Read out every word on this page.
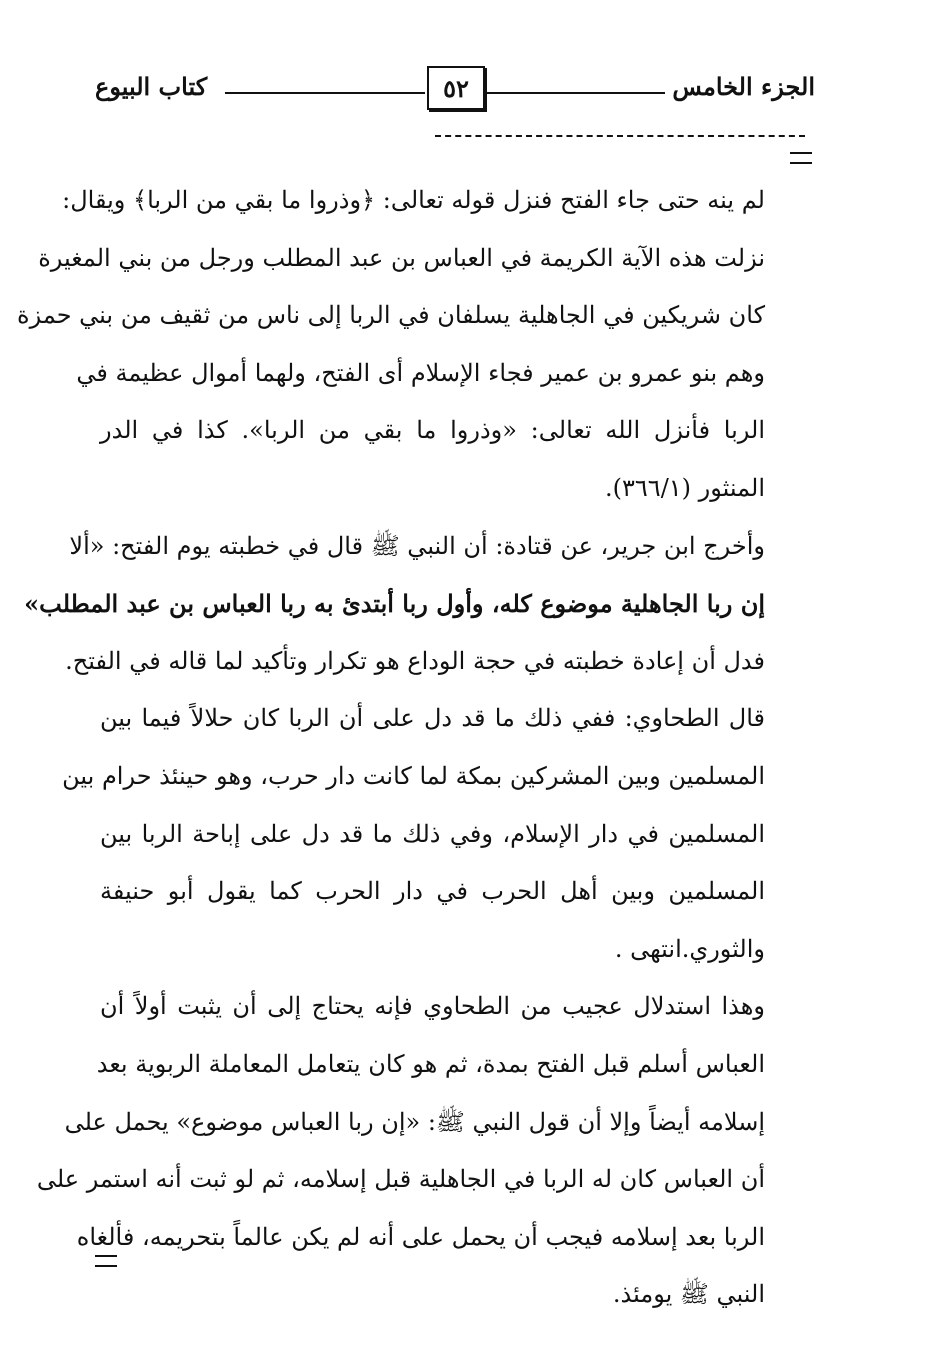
الجزء الخامس
٥٢
كتاب البيوع
لم ينه حتى جاء الفتح فنزل قوله تعالى: ﴿وذروا ما بقي من الربا﴾ ويقال:
نزلت هذه الآية الكريمة في العباس بن عبد المطلب ورجل من بني المغيرة
كان شريكين في الجاهلية يسلفان في الربا إلى ناس من ثقيف من بني حمزة
وهم بنو عمرو بن عمير فجاء الإسلام أى الفتح، ولهما أموال عظيمة في
الربا فأنزل الله تعالى: «وذروا ما بقي من الربا». كذا في الدر
المنثور (٣٦٦/١).
وأخرج ابن جرير، عن قتادة: أن النبي ﷺ قال في خطبته يوم الفتح: «ألا
إن ربا الجاهلية موضوع كله، وأول ربا أبتدئ به ربا العباس بن عبد المطلب»
فدل أن إعادة خطبته في حجة الوداع هو تكرار وتأكيد لما قاله في الفتح.
قال الطحاوي: ففي ذلك ما قد دل على أن الربا كان حلالاً فيما بين
المسلمين وبين المشركين بمكة لما كانت دار حرب، وهو حينئذ حرام بين
المسلمين في دار الإسلام، وفي ذلك ما قد دل على إباحة الربا بين
المسلمين وبين أهل الحرب في دار الحرب كما يقول أبو حنيفة
والثوري.انتهى .
وهذا استدلال عجيب من الطحاوي فإنه يحتاج إلى أن يثبت أولاً أن
العباس أسلم قبل الفتح بمدة، ثم هو كان يتعامل المعاملة الربوية بعد
إسلامه أيضاً وإلا أن قول النبي ﷺ: «إن ربا العباس موضوع» يحمل على
أن العباس كان له الربا في الجاهلية قبل إسلامه، ثم لو ثبت أنه استمر على
الربا بعد إسلامه فيجب أن يحمل على أنه لم يكن عالماً بتحريمه، فألغاه
النبي ﷺ يومئذ.
